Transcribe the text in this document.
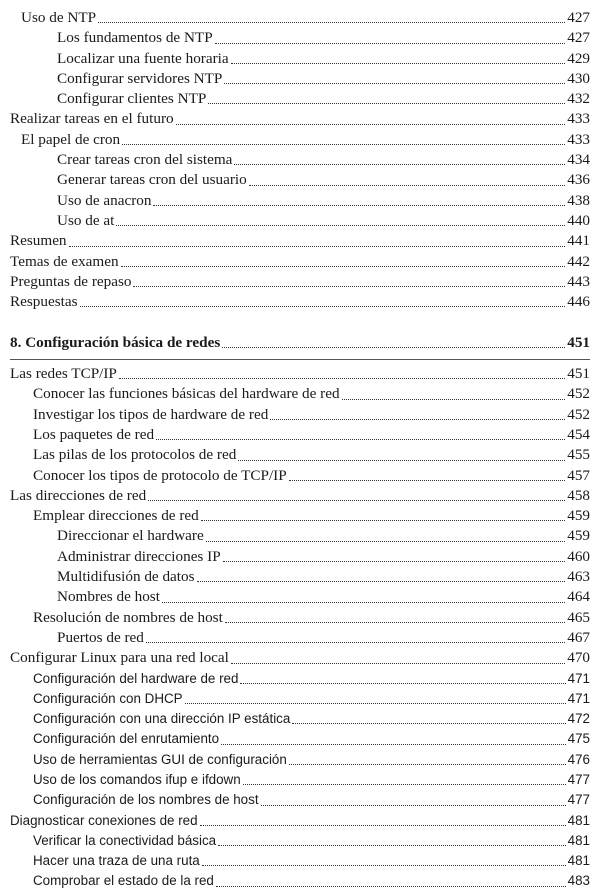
Uso de NTP	427
Los fundamentos de NTP	427
Localizar una fuente horaria	429
Configurar servidores NTP	430
Configurar clientes NTP	432
Realizar tareas en el futuro	433
El papel de cron	433
Crear tareas cron del sistema	434
Generar tareas cron del usuario	436
Uso de anacron	438
Uso de at	440
Resumen	441
Temas de examen	442
Preguntas de repaso	443
Respuestas	446
8. Configuración básica de redes	451
Las redes TCP/IP	451
Conocer las funciones básicas del hardware de red	452
Investigar los tipos de hardware de red	452
Los paquetes de red	454
Las pilas de los protocolos de red	455
Conocer los tipos de protocolo de TCP/IP	457
Las direcciones de red	458
Emplear direcciones de red	459
Direccionar el hardware	459
Administrar direcciones IP	460
Multidifusión de datos	463
Nombres de host	464
Resolución de nombres de host	465
Puertos de red	467
Configurar Linux para una red local	470
Configuración del hardware de red	471
Configuración con DHCP	471
Configuración con una dirección IP estática	472
Configuración del enrutamiento	475
Uso de herramientas GUI de configuración	476
Uso de los comandos ifup e ifdown	477
Configuración de los nombres de host	477
Diagnosticar conexiones de red	481
Verificar la conectividad básica	481
Hacer una traza de una ruta	481
Comprobar el estado de la red	483
